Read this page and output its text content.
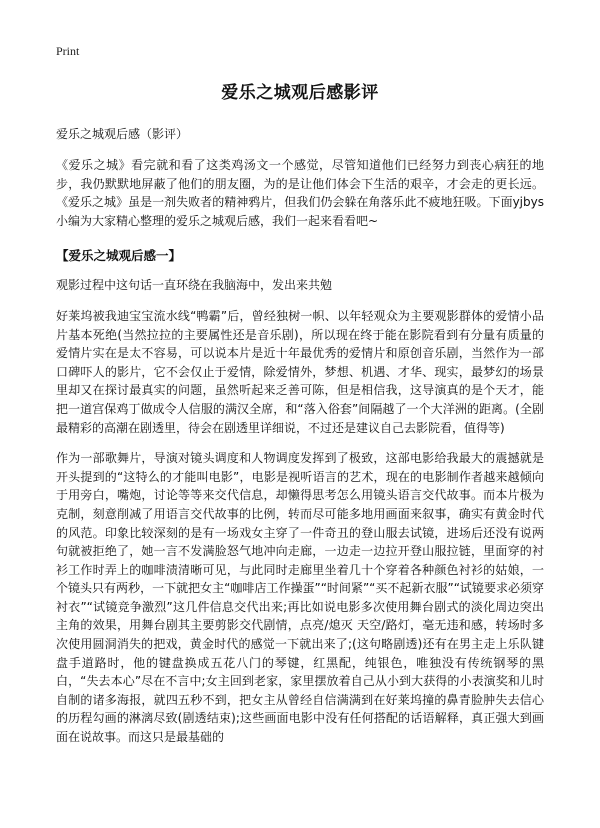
Print
爱乐之城观后感影评
爱乐之城观后感（影评）

《爱乐之城》看完就和看了这类鸡汤文一个感觉，尽管知道他们已经努力到丧心病狂的地步，我仍默默地屏蔽了他们的朋友圈，为的是让他们体会下生活的艰辛，才会走的更长远。《爱乐之城》虽是一剂失败者的精神鸦片，但我们仍会躲在角落乐此不疲地狂吸。下面yjbys小编为大家精心整理的爱乐之城观后感，我们一起来看看吧~

【爱乐之城观后感一】

观影过程中这句话一直环绕在我脑海中，发出来共勉

好莱坞被我迪宝宝流水线“鸭霸”后，曾经独树一帜、以年轻观众为主要观影群体的爱情小品片基本死绝(当然拉拉的主要属性还是音乐剧)，所以现在终于能在影院看到有分量有质量的爱情片实在是太不容易，可以说本片是近十年最优秀的爱情片和原创音乐剧，当然作为一部口碑吓人的影片，它不会仅止于爱情，除爱情外，梦想、机遇、才华、现实，最梦幻的场景里却又在探讨最真实的问题，虽然听起来乏善可陈，但是相信我，这导演真的是个天才，能把一道宫保鸡丁做成令人信服的满汉全席，和“落入俗套”间隔越了一个大洋洲的距离。(全剧最精彩的高潮在剧透里，待会在剧透里详细说，不过还是建议自己去影院看，值得等)

作为一部歌舞片，导演对镜头调度和人物调度发挥到了极致，这部电影给我最大的震撼就是开头提到的“这特么的才能叫电影”，电影是视听语言的艺术，现在的电影制作者越来越倾向于用旁白，嘴炮，讨论等等来交代信息，却懒得思考怎么用镜头语言交代故事。而本片极为克制，刻意削减了用语言交代故事的比例，转而尽可能多地用画面来叙事，确实有黄金时代的风范。印象比较深刻的是有一场戏女主穿了一件奇丑的登山服去试镜，进场后还没有说两句就被拒绝了，她一言不发满脸怒气地冲向走廊，一边走一边拉开登山服拉链，里面穿的衬衫工作时弄上的咖啡渍清晰可见，与此同时走廊里坐着几十个穿着各种颜色衬衫的姑娘，一个镜头只有两秒，一下就把女主“咖啡店工作操蛋”“时间紧”“买不起新衣服”“试镜要求必须穿衬衣”“试镜竞争激烈”这几件信息交代出来;再比如说电影多次使用舞台剧式的淡化周边突出主角的效果，用舞台剧其主要剪影交代剧情，点亮/熄灭 天空/路灯，毫无违和感，转场时多次使用圆洞消失的把戏，黄金时代的感觉一下就出来了;(这句略剧透)还有在男主走上乐队键盘手道路时，他的键盘换成五花八门的琴键，红黑配，纯银色，唯独没有传统钢琴的黑白，“失去本心”尽在不言中;女主回到老家，家里摆放着自己从小到大获得的小表演奖和儿时自制的诸多海报，就四五秒不到，把女主从曾经自信满满到在好莱坞撞的鼻青脸肿失去信心的历程勾画的淋漓尽致(剧透结束);这些画面电影中没有任何搭配的话语解释，真正强大到画面在说故事。而这只是最基础的
